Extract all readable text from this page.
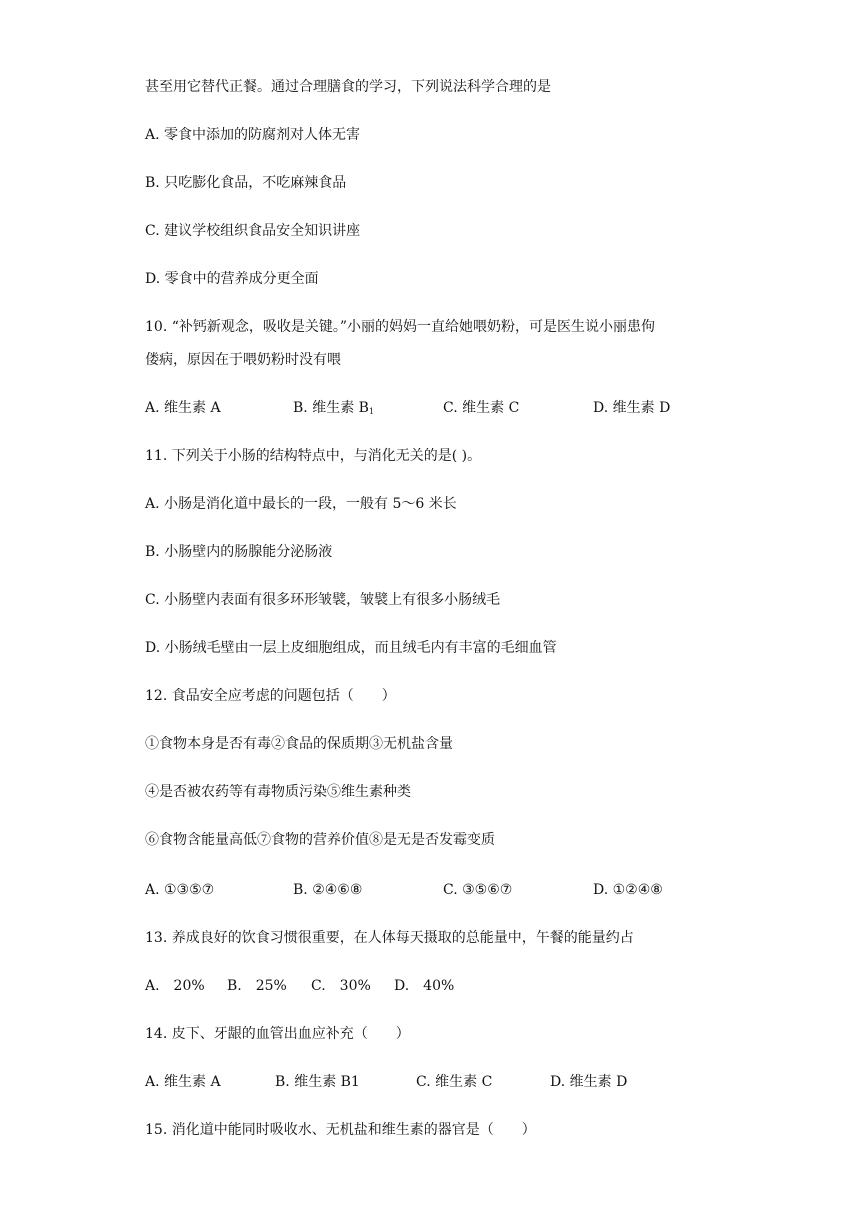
甚至用它替代正餐。通过合理膳食的学习，下列说法科学合理的是
A. 零食中添加的防腐剂对人体无害
B. 只吃膨化食品，不吃麻辣食品
C. 建议学校组织食品安全知识讲座
D. 零食中的营养成分更全面
10. “补钙新观念，吸收是关键。”小丽的妈妈一直给她喂奶粉，可是医生说小丽患佝
偻病，原因在于喂奶粉时没有喂
A. 维生素 A	B. 维生素 $B_1$	C. 维生素 C	D. 维生素 D
11. 下列关于小肠的结构特点中，与消化无关的是( )。
A. 小肠是消化道中最长的一段，一般有 5～6 米长
B. 小肠壁内的肠腺能分泌肠液
C. 小肠壁内表面有很多环形皱襞，皱襞上有很多小肠绒毛
D. 小肠绒毛壁由一层上皮细胞组成，而且绒毛内有丰富的毛细血管
12. 食品安全应考虑的问题包括（　　）
①食物本身是否有毒②食品的保质期③无机盐含量
④是否被农药等有毒物质污染⑤维生素种类
⑥食物含能量高低⑦食物的营养价值⑧是无是否发霉变质
A. ①③⑤⑦	B. ②④⑥⑧	C. ③⑤⑥⑦	D. ①②④⑧
13. 养成良好的饮食习惯很重要，在人体每天摄取的总能量中，午餐的能量约占
A.　20% B.　25% C.　30% D.　40%
14. 皮下、牙龈的血管出血应补充（　　）
A. 维生素 A	B. 维生素 B1	C. 维生素 C	D. 维生素 D
15. 消化道中能同时吸收水、无机盐和维生素的器官是（　　）
